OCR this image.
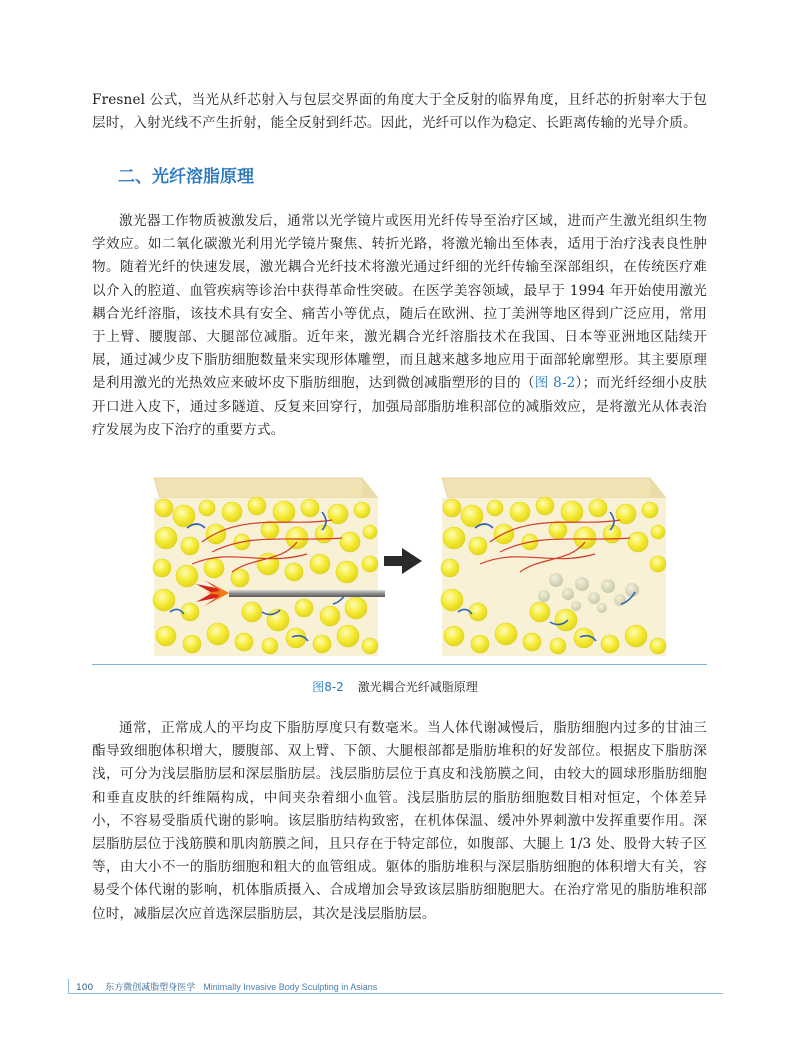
Fresnel 公式，当光从纤芯射入与包层交界面的角度大于全反射的临界角度，且纤芯的折射率大于包层时，入射光线不产生折射，能全反射到纤芯。因此，光纤可以作为稳定、长距离传输的光导介质。

二、光纤溶脂原理

激光器工作物质被激发后，通常以光学镜片或医用光纤传导至治疗区域，进而产生激光组织生物学效应。如二氧化碳激光利用光学镜片聚焦、转折光路，将激光输出至体表，适用于治疗浅表良性肿物。随着光纤的快速发展，激光耦合光纤技术将激光通过纤细的光纤传输至深部组织，在传统医疗难以介入的腔道、血管疾病等诊治中获得革命性突破。在医学美容领域，最早于 1994 年开始使用激光耦合光纤溶脂，该技术具有安全、痛苦小等优点，随后在欧洲、拉丁美洲等地区得到广泛应用，常用于上臂、腰腹部、大腿部位减脂。近年来，激光耦合光纤溶脂技术在我国、日本等亚洲地区陆续开展，通过减少皮下脂肪细胞数量来实现形体雕塑，而且越来越多地应用于面部轮廓塑形。其主要原理是利用激光的光热效应来破坏皮下脂肪细胞，达到微创减脂塑形的目的（图 8-2）；而光纤经细小皮肤开口进入皮下，通过多隧道、反复来回穿行，加强局部脂肪堆积部位的减脂效应，是将激光从体表治疗发展为皮下治疗的重要方式。

图8-2 激光耦合光纤减脂原理

通常，正常成人的平均皮下脂肪厚度只有数毫米。当人体代谢减慢后，脂肪细胞内过多的甘油三酯导致细胞体积增大，腰腹部、双上臂、下颌、大腿根部都是脂肪堆积的好发部位。根据皮下脂肪深浅，可分为浅层脂肪层和深层脂肪层。浅层脂肪层位于真皮和浅筋膜之间，由较大的圆球形脂肪细胞和垂直皮肤的纤维隔构成，中间夹杂着细小血管。浅层脂肪层的脂肪细胞数目相对恒定，个体差异小，不容易受脂质代谢的影响。该层脂肪结构致密，在机体保温、缓冲外界刺激中发挥重要作用。深层脂肪层位于浅筋膜和肌肉筋膜之间，且只存在于特定部位，如腹部、大腿上 1/3 处、股骨大转子区等，由大小不一的脂肪细胞和粗大的血管组成。躯体的脂肪堆积与深层脂肪细胞的体积增大有关，容易受个体代谢的影响，机体脂质摄入、合成增加会导致该层脂肪细胞肥大。在治疗常见的脂肪堆积部位时，减脂层次应首选深层脂肪层，其次是浅层脂肪层。

100 东方微创减脂塑身医学 Minimally Invasive Body Sculpting in Asians
